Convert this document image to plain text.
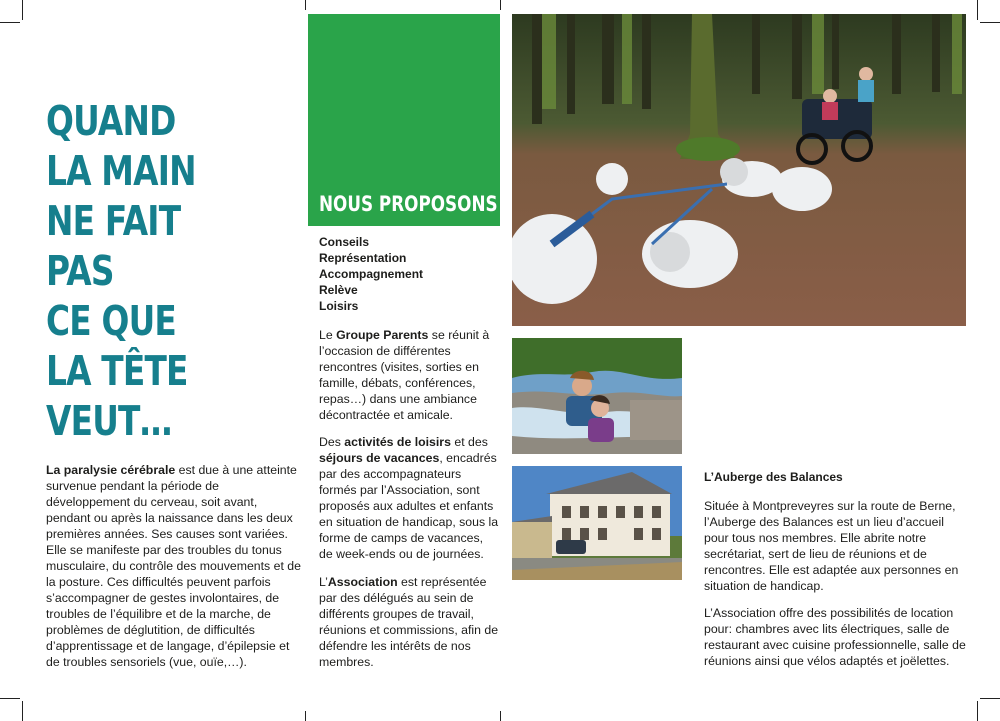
QUAND
LA MAIN
NE FAIT
PAS
CE QUE
LA TÊTE
VEUT…

La paralysie cérébrale est due à une atteinte survenue pendant la période de développement du cerveau, soit avant, pendant ou après la naissance dans les deux premières années. Ses causes sont variées.

Elle se manifeste par des troubles du tonus musculaire, du contrôle des mouvements et de la posture. Ces difficultés peuvent parfois s’accompagner de gestes involontaires, de troubles de l’équilibre et de la marche, de problèmes de déglutition, de difficultés d’apprentissage et de langage, d’épilepsie et de troubles sensoriels (vue, ouïe,…).

NOUS PROPOSONS
Conseils
Représentation
Accompagnement
Relève
Loisirs
Le Groupe Parents se réunit à l’occasion de différentes rencontres (visites, sorties en famille, débats, conférences, repas…) dans une ambiance décontractée et amicale.
Des activités de loisirs et des séjours de vacances, encadrés par des accompagnateurs formés par l’Association, sont proposés aux adultes et enfants en situation de handicap, sous la forme de camps de vacances, de week-ends ou de journées.
L’Association est représentée par des délégués au sein de différents groupes de travail, réunions et commissions, afin de défendre les intérêts de nos membres.
L’Auberge des Balances
Située à Montpreveyres sur la route de Berne, l’Auberge des Balances est un lieu d’accueil pour tous nos membres. Elle abrite notre secrétariat, sert de lieu de réunions et de rencontres. Elle est adaptée aux personnes en situation de handicap.
L’Association offre des possibilités de location pour: chambres avec lits électriques, salle de restaurant avec cuisine professionnelle, salle de réunions ainsi que vélos adaptés et joëlettes.
